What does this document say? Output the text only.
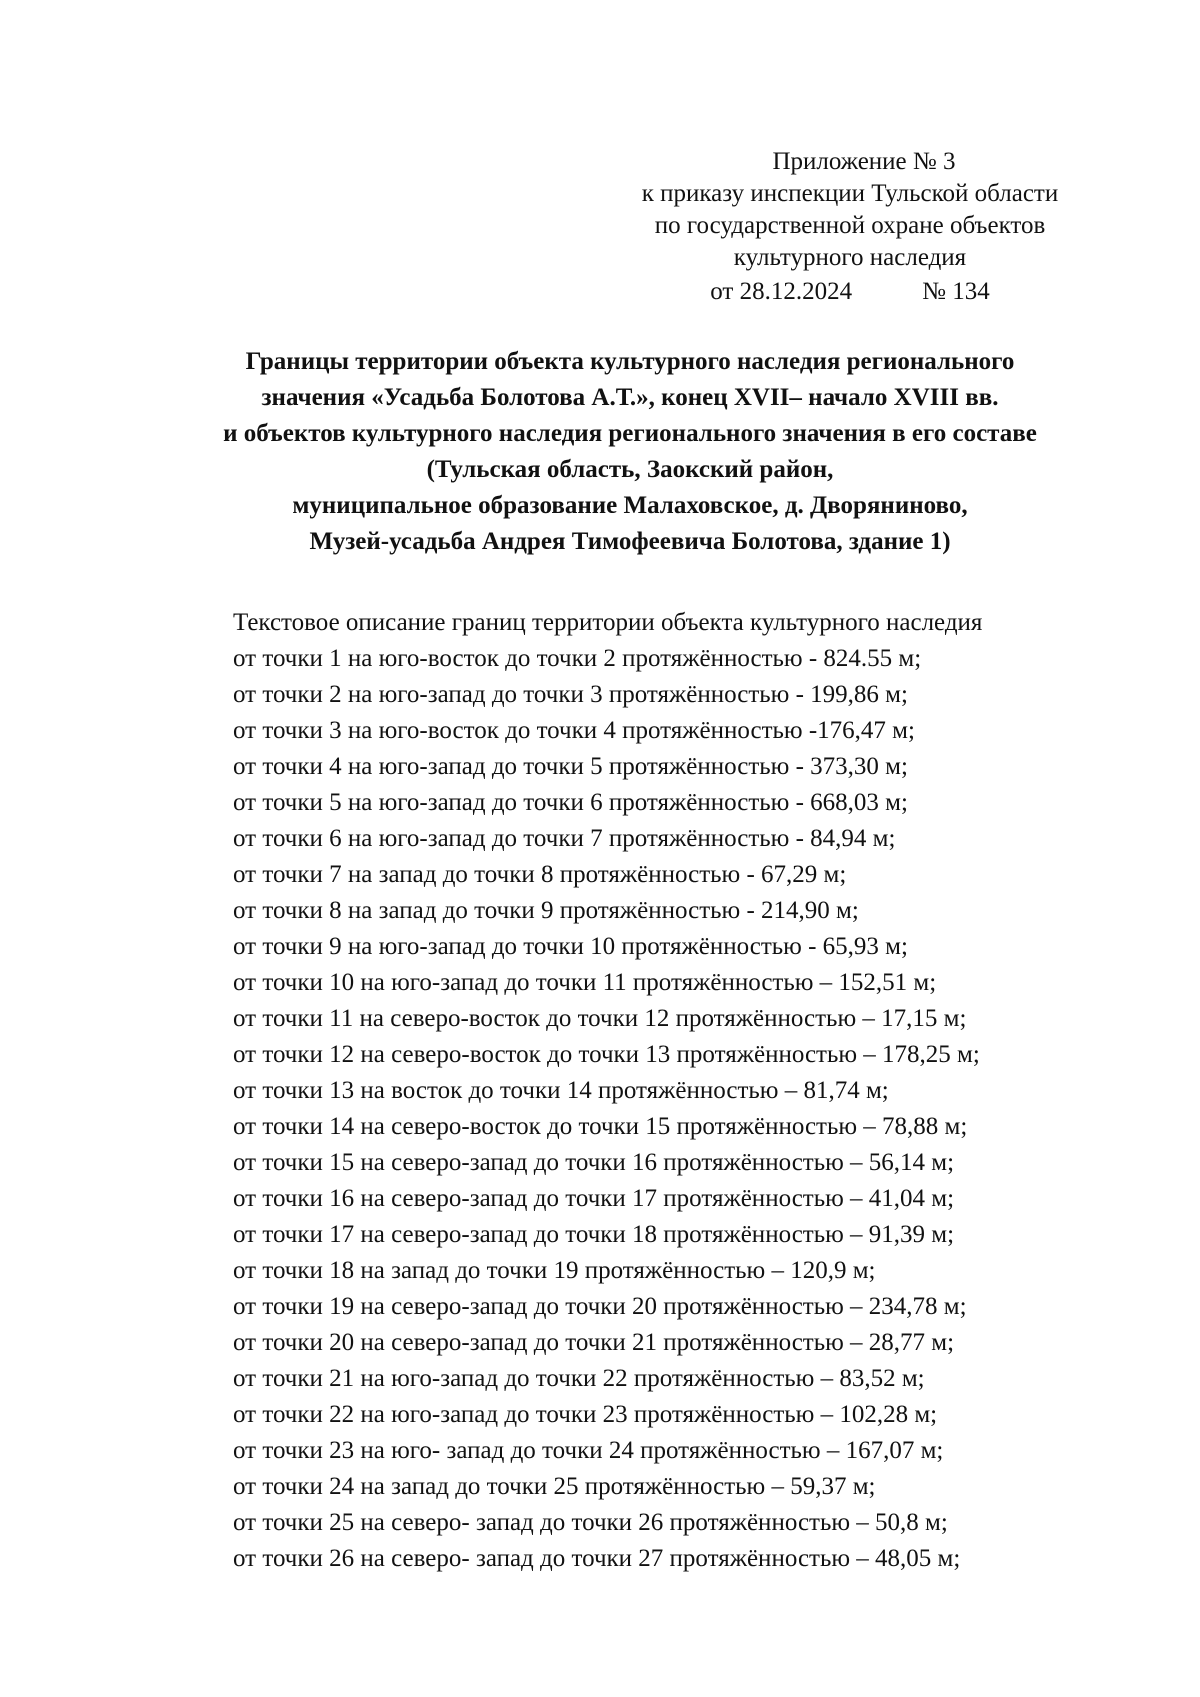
Приложение № 3
к приказу инспекции Тульской области
по государственной охране объектов
культурного наследия
от 28.12.2024	№ 134
Границы территории объекта культурного наследия регионального
значения «Усадьба Болотова А.Т.», конец XVII– начало XVIII вв.
и объектов культурного наследия регионального значения в его составе
(Тульская область, Заокский район,
муниципальное образование Малаховское, д. Дворяниново,
Музей-усадьба Андрея Тимофеевича Болотова, здание 1)
Текстовое описание границ территории объекта культурного наследия
от точки 1 на юго-восток до точки 2 протяжённостью - 824.55 м;
от точки 2 на юго-запад до точки 3 протяжённостью - 199,86 м;
от точки 3 на юго-восток до точки 4 протяжённостью -176,47 м;
от точки 4 на юго-запад до точки 5 протяжённостью - 373,30 м;
от точки 5 на юго-запад до точки 6 протяжённостью - 668,03 м;
от точки 6 на юго-запад до точки 7 протяжённостью - 84,94 м;
от точки 7 на запад до точки 8 протяжённостью - 67,29 м;
от точки 8 на запад до точки 9 протяжённостью - 214,90 м;
от точки 9 на юго-запад до точки 10 протяжённостью - 65,93 м;
от точки 10 на юго-запад до точки 11 протяжённостью – 152,51 м;
от точки 11 на северо-восток до точки 12 протяжённостью – 17,15 м;
от точки 12 на северо-восток до точки 13 протяжённостью – 178,25 м;
от точки 13 на восток до точки 14 протяжённостью – 81,74 м;
от точки 14 на северо-восток до точки 15 протяжённостью – 78,88 м;
от точки 15 на северо-запад до точки 16 протяжённостью – 56,14 м;
от точки 16 на северо-запад до точки 17 протяжённостью – 41,04 м;
от точки 17 на северо-запад до точки 18 протяжённостью – 91,39 м;
от точки 18 на запад до точки 19 протяжённостью – 120,9 м;
от точки 19 на северо-запад до точки 20 протяжённостью – 234,78 м;
от точки 20 на северо-запад до точки 21 протяжённостью – 28,77 м;
от точки 21 на юго-запад до точки 22 протяжённостью – 83,52 м;
от точки 22 на юго-запад до точки 23 протяжённостью – 102,28 м;
от точки 23 на юго- запад до точки 24 протяжённостью – 167,07 м;
от точки 24 на запад до точки 25 протяжённостью – 59,37 м;
от точки 25 на северо- запад до точки 26 протяжённостью – 50,8 м;
от точки 26 на северо- запад до точки 27 протяжённостью – 48,05 м;
